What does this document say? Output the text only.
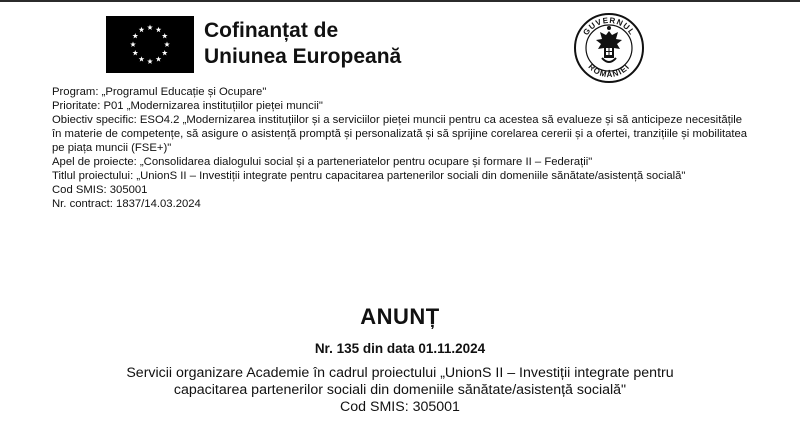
Cofinanțat de
Uniunea Europeană
GUVERNUL
ROMÂNIEI
Program: „Programul Educație și Ocupare"
Prioritate: P01 „Modernizarea instituțiilor pieței muncii"
Obiectiv specific: ESO4.2 „Modernizarea instituțiilor și a serviciilor pieței muncii pentru ca acestea să evalueze și să anticipeze necesitățile în materie de competențe, să asigure o asistență promptă și personalizată și să sprijine corelarea cererii și a ofertei, tranzițiile și mobilitatea pe piața muncii (FSE+)"
Apel de proiecte: „Consolidarea dialogului social și a parteneriatelor pentru ocupare și formare II – Federații"
Titlul proiectului: „UnionS II – Investiții integrate pentru capacitarea partenerilor sociali din domeniile sănătate/asistență socială"
Cod SMIS: 305001
Nr. contract: 1837/14.03.2024
ANUNȚ
Nr. 135 din data 01.11.2024
Servicii organizare Academie în cadrul proiectului „UnionS II – Investiții integrate pentru capacitarea partenerilor sociali din domeniile sănătate/asistență socială"
Cod SMIS: 305001
